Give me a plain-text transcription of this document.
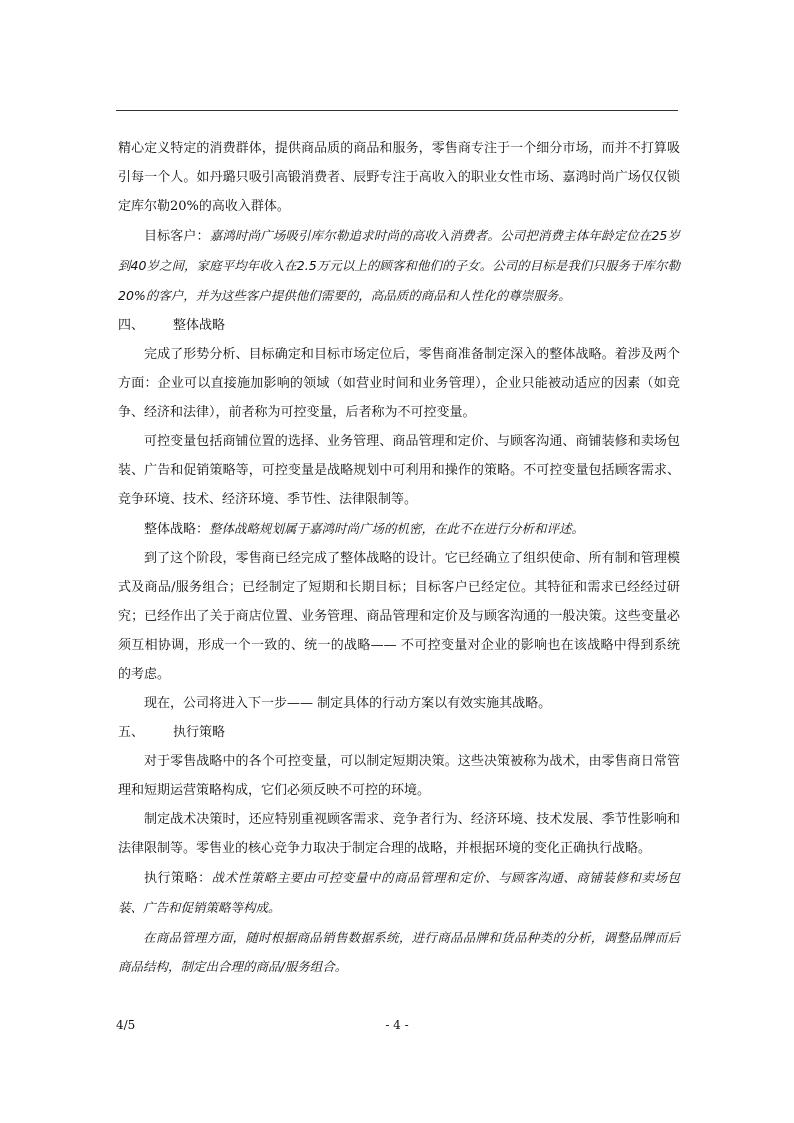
精心定义特定的消费群体，提供商品质的商品和服务，零售商专注于一个细分市场，而并不打算吸引每一个人。如丹璐只吸引高锻消费者、辰野专注于高收入的职业女性市场、嘉鸿时尚广场仅仅锁定库尔勒20%的高收入群体。

目标客户：嘉鸿时尚广场吸引库尔勒追求时尚的高收入消费者。公司把消费主体年龄定位在25岁到40岁之间，家庭平均年收入在2.5万元以上的顾客和他们的子女。公司的目标是我们只服务于库尔勒20%的客户，并为这些客户提供他们需要的，高品质的商品和人性化的尊崇服务。

四、 整体战略

完成了形势分析、目标确定和目标市场定位后，零售商准备制定深入的整体战略。着涉及两个方面：企业可以直接施加影响的领域（如营业时间和业务管理），企业只能被动适应的因素（如竞争、经济和法律），前者称为可控变量，后者称为不可控变量。

可控变量包括商铺位置的选择、业务管理、商品管理和定价、与顾客沟通、商铺装修和卖场包装、广告和促销策略等，可控变量是战略规划中可利用和操作的策略。不可控变量包括顾客需求、竞争环境、技术、经济环境、季节性、法律限制等。

整体战略：整体战略规划属于嘉鸿时尚广场的机密，在此不在进行分析和评述。

到了这个阶段，零售商已经完成了整体战略的设计。它已经确立了组织使命、所有制和管理模式及商品/服务组合；已经制定了短期和长期目标；目标客户已经定位。其特征和需求已经经过研究；已经作出了关于商店位置、业务管理、商品管理和定价及与顾客沟通的一般决策。这些变量必须互相协调，形成一个一致的、统一的战略—— 不可控变量对企业的影响也在该战略中得到系统的考虑。

现在，公司将进入下一步—— 制定具体的行动方案以有效实施其战略。

五、 执行策略

对于零售战略中的各个可控变量，可以制定短期决策。这些决策被称为战术，由零售商日常管理和短期运营策略构成，它们必须反映不可控的环境。

制定战术决策时，还应特别重视顾客需求、竞争者行为、经济环境、技术发展、季节性影响和法律限制等。零售业的核心竞争力取决于制定合理的战略，并根据环境的变化正确执行战略。

执行策略：战术性策略主要由可控变量中的商品管理和定价、与顾客沟通、商铺装修和卖场包装、广告和促销策略等构成。

在商品管理方面，随时根据商品销售数据系统，进行商品品牌和货品种类的分析，调整品牌而后商品结构，制定出合理的商品/服务组合。

4/5	- 4 -
